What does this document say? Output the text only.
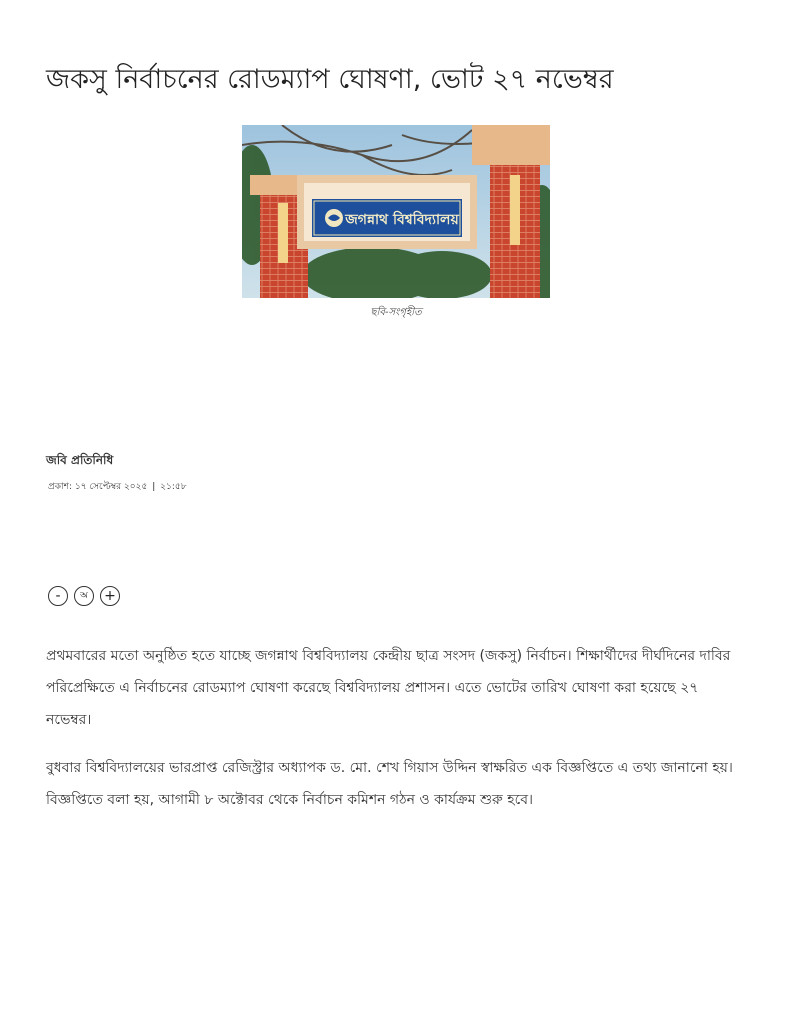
জকসু নির্বাচনের রোডম্যাপ ঘোষণা, ভোট ২৭ নভেম্বর
জগন্নাথ বিশ্ববিদ্যালয়
ছবি-সংগৃহীত
জবি প্রতিনিধি
প্রকাশ: ১৭ সেপ্টেম্বর ২০২৫ | ২১:৫৮
-	অ	+

প্রথমবারের মতো অনুষ্ঠিত হতে যাচ্ছে জগন্নাথ বিশ্ববিদ্যালয় কেন্দ্রীয় ছাত্র সংসদ (জকসু) নির্বাচন। শিক্ষার্থীদের দীর্ঘদিনের দাবির পরিপ্রেক্ষিতে এ নির্বাচনের রোডম্যাপ ঘোষণা করেছে বিশ্ববিদ্যালয় প্রশাসন। এতে ভোটের তারিখ ঘোষণা করা হয়েছে ২৭ নভেম্বর।

বুধবার বিশ্ববিদ্যালয়ের ভারপ্রাপ্ত রেজিস্ট্রার অধ্যাপক ড. মো. শেখ গিয়াস উদ্দিন স্বাক্ষরিত এক বিজ্ঞপ্তিতে এ তথ্য জানানো হয়। বিজ্ঞপ্তিতে বলা হয়, আগামী ৮ অক্টোবর থেকে নির্বাচন কমিশন গঠন ও কার্যক্রম শুরু হবে।
